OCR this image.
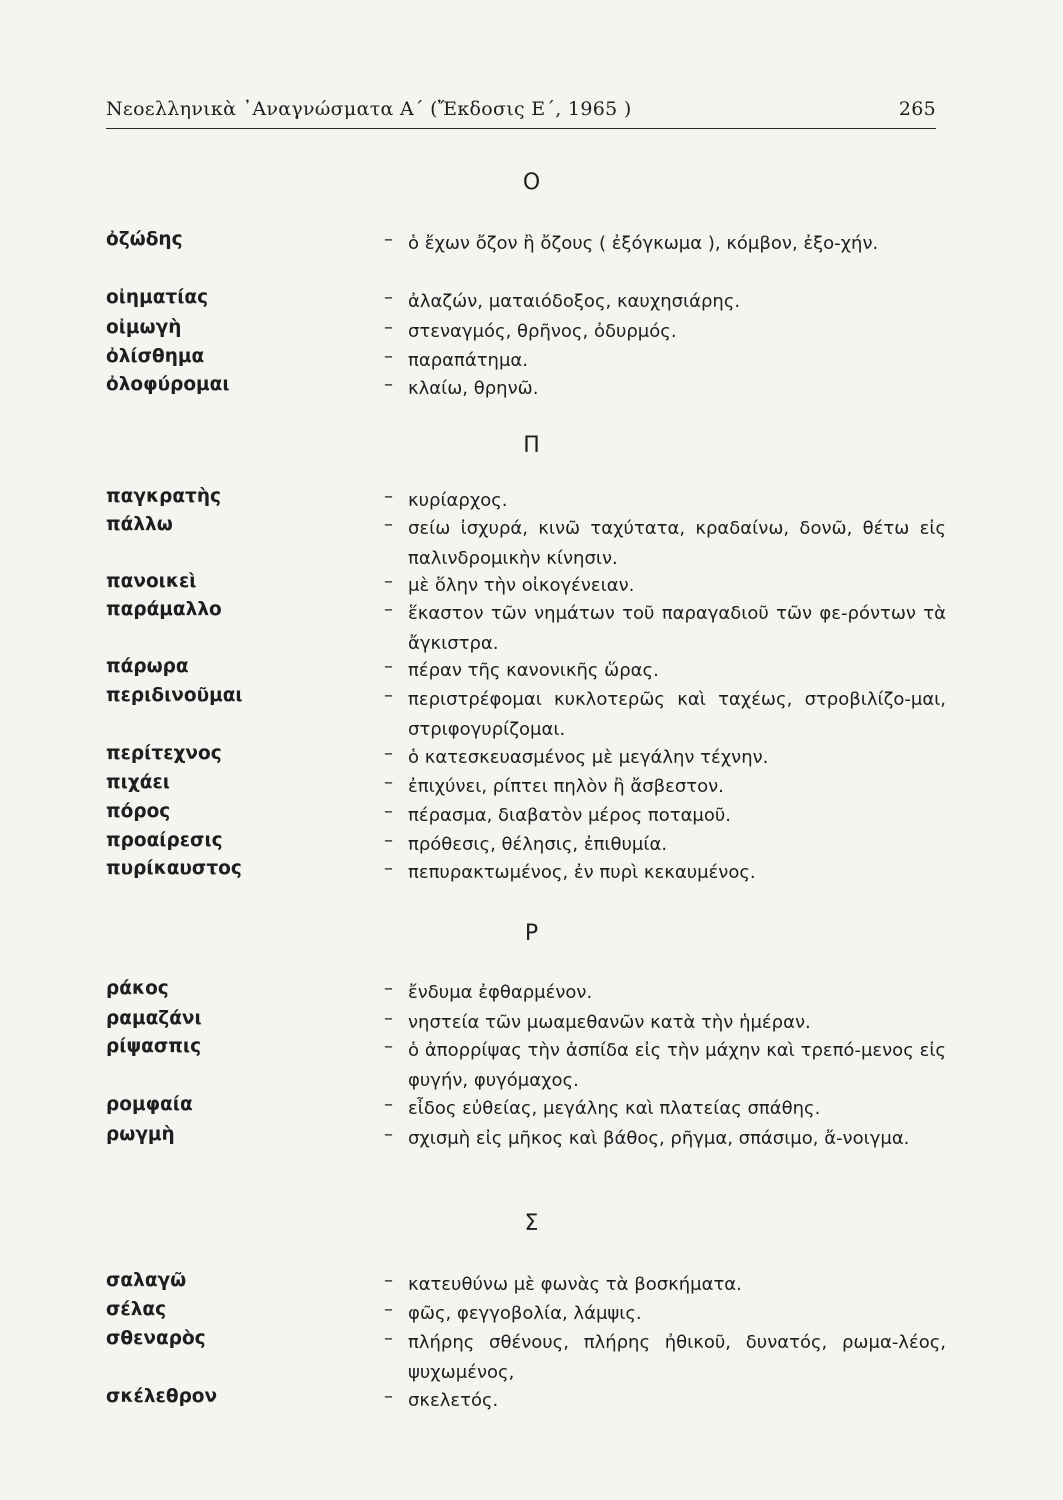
Νεοελληνικὰ ᾿Αναγνώσματα Α΄ (Ἔκδοσις Ε΄, 1965 )	265
Ο
ὀζώδης	– ὁ ἔχων ὄζον ἢ ὄζους ( ἐξόγκωμα ), κόμβον, ἐξο-χήν.
οἰηματίας	– ἀλαζών, ματαιόδοξος, καυχησιάρης.
οἰμωγὴ	– στεναγμός, θρῆνος, ὀδυρμός.
ὀλίσθημα	– παραπάτημα.
ὀλοφύρομαι	– κλαίω, θρηνῶ.
Π
παγκρατὴς	– κυρίαρχος.
πάλλω	– σείω ἰσχυρά, κινῶ ταχύτατα, κραδαίνω, δονῶ, θέτω εἰς παλινδρομικὴν κίνησιν.
πανοικεὶ	– μὲ ὅλην τὴν οἰκογένειαν.
παράμαλλο	– ἕκαστον τῶν νημάτων τοῦ παραγαδιοῦ τῶν φε-ρόντων τὰ ἄγκιστρα.
πάρωρα	– πέραν τῆς κανονικῆς ὥρας.
περιδινοῦμαι	– περιστρέφομαι κυκλοτερῶς καὶ ταχέως, στροβιλίζο-μαι, στριφογυρίζομαι.
περίτεχνος	– ὁ κατεσκευασμένος μὲ μεγάλην τέχνην.
πιχάει	– ἐπιχύνει, ρίπτει πηλὸν ἢ ἄσβεστον.
πόρος	– πέρασμα, διαβατὸν μέρος ποταμοῦ.
προαίρεσις	– πρόθεσις, θέλησις, ἐπιθυμία.
πυρίκαυστος	– πεπυρακτωμένος, ἐν πυρὶ κεκαυμένος.
Ρ
ράκος	– ἔνδυμα ἐφθαρμένον.
ραμαζάνι	– νηστεία τῶν μωαμεθανῶν κατὰ τὴν ἡμέραν.
ρίψασπις	– ὁ ἀπορρίψας τὴν ἀσπίδα εἰς τὴν μάχην καὶ τρεπό-μενος εἰς φυγήν, φυγόμαχος.
ρομφαία	– εἶδος εὐθείας, μεγάλης καὶ πλατείας σπάθης.
ρωγμὴ	– σχισμὴ εἰς μῆκος καὶ βάθος, ρῆγμα, σπάσιμο, ἄ-νοιγμα.
Σ
σαλαγῶ	– κατευθύνω μὲ φωνὰς τὰ βοσκήματα.
σέλας	– φῶς, φεγγοβολία, λάμψις.
σθεναρὸς	– πλήρης σθένους, πλήρης ἠθικοῦ, δυνατός, ρωμα-λέος, ψυχωμένος,
σκέλεθρον	– σκελετός.
